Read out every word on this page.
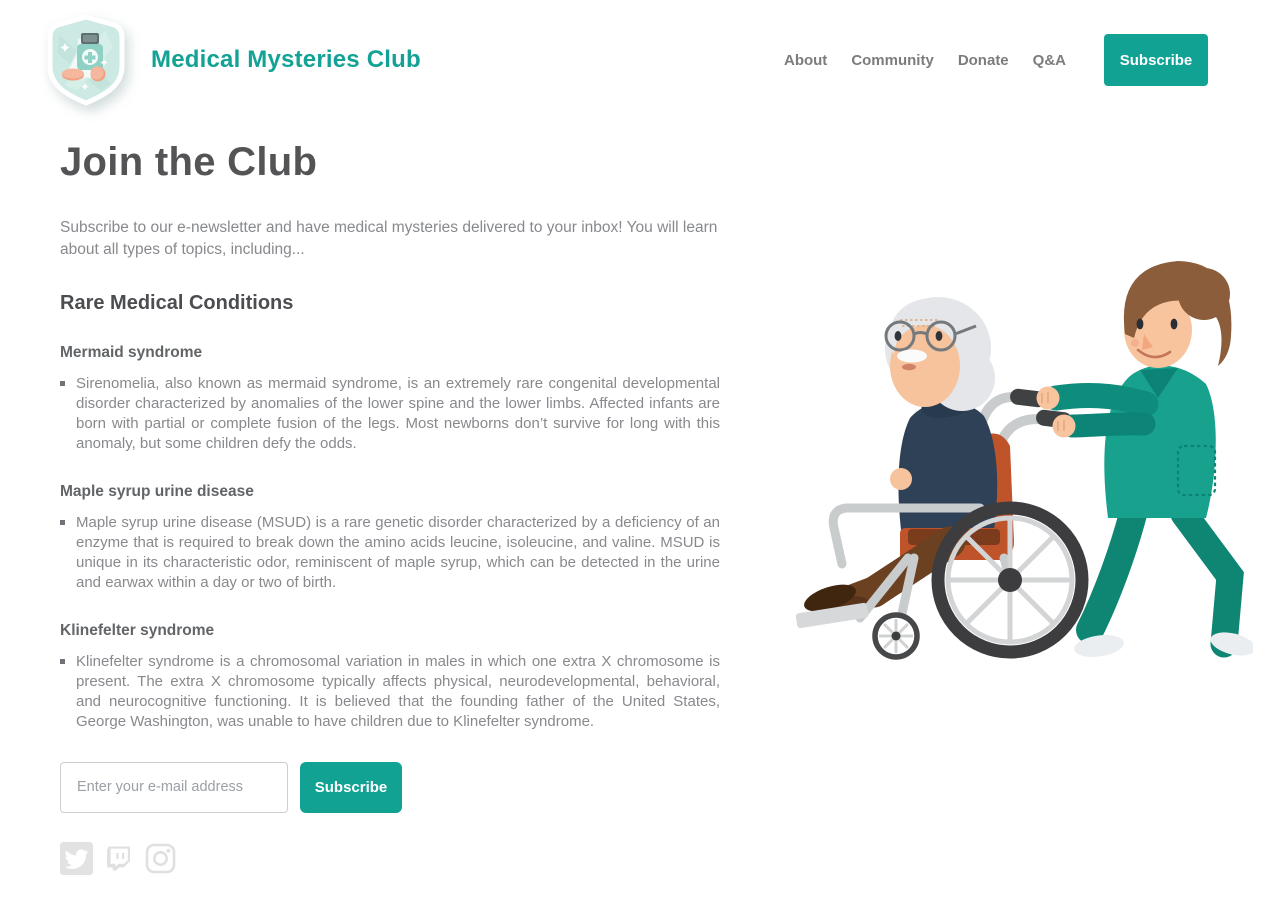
Medical Mysteries Club	About Community Donate Q&A	Subscribe
Join the Club

Subscribe to our e-newsletter and have medical mysteries delivered to your inbox! You will learn about all types of topics, including...

Rare Medical Conditions
Mermaid syndrome
Sirenomelia, also known as mermaid syndrome, is an extremely rare congenital developmental disorder characterized by anomalies of the lower spine and the lower limbs. Affected infants are born with partial or complete fusion of the legs. Most newborns don’t survive for long with this anomaly, but some children defy the odds.
Maple syrup urine disease
Maple syrup urine disease (MSUD) is a rare genetic disorder characterized by a deficiency of an enzyme that is required to break down the amino acids leucine, isoleucine, and valine. MSUD is unique in its characteristic odor, reminiscent of maple syrup, which can be detected in the urine and earwax within a day or two of birth.
Klinefelter syndrome
Klinefelter syndrome is a chromosomal variation in males in which one extra X chromosome is present. The extra X chromosome typically affects physical, neurodevelopmental, behavioral, and neurocognitive functioning. It is believed that the founding father of the United States, George Washington, was unable to have children due to Klinefelter syndrome.
Enter your e-mail address
Subscribe
